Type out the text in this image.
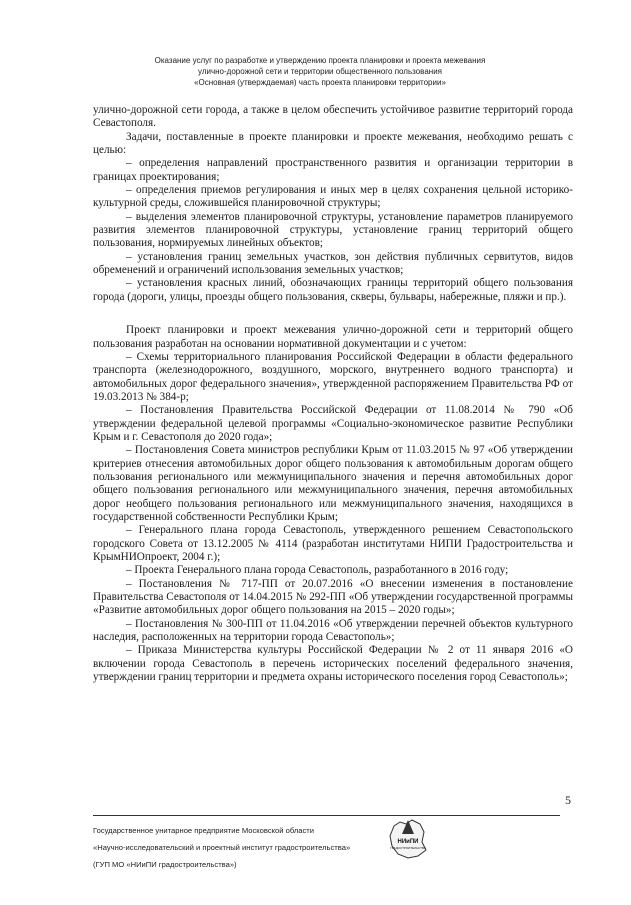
Оказание услуг по разработке и утверждению проекта планировки и проекта межевания
улично-дорожной сети и территории общественного пользования
«Основная (утверждаемая) часть проекта планировки территории»

улично-дорожной сети города, а также в целом обеспечить устойчивое развитие территорий города Севастополя.

Задачи, поставленные в проекте планировки и проекте межевания, необходимо решать с целью:

– определения направлений пространственного развития и организации территории в границах проектирования;

– определения приемов регулирования и иных мер в целях сохранения цельной историко-культурной среды, сложившейся планировочной структуры;

– выделения элементов планировочной структуры, установление параметров планируемого развития элементов планировочной структуры, установление границ территорий общего пользования, нормируемых линейных объектов;

– установления границ земельных участков, зон действия публичных сервитутов, видов обременений и ограничений использования земельных участков;

– установления красных линий, обозначающих границы территорий общего пользования города (дороги, улицы, проезды общего пользования, скверы, бульвары, набережные, пляжи и пр.).

Проект планировки и проект межевания улично-дорожной сети и территорий общего пользования разработан на основании нормативной документации и с учетом:

– Схемы территориального планирования Российской Федерации в области федерального транспорта (железнодорожного, воздушного, морского, внутреннего водного транспорта) и автомобильных дорог федерального значения», утвержденной распоряжением Правительства РФ от 19.03.2013 № 384-р;

– Постановления Правительства Российской Федерации от 11.08.2014 № 790 «Об утверждении федеральной целевой программы «Социально-экономическое развитие Республики Крым и г. Севастополя до 2020 года»;

– Постановления Совета министров республики Крым от 11.03.2015 № 97 «Об утверждении критериев отнесения автомобильных дорог общего пользования к автомобильным дорогам общего пользования регионального или межмуниципального значения и перечня автомобильных дорог общего пользования регионального или межмуниципального значения, перечня автомобильных дорог необщего пользования регионального или межмуниципального значения, находящихся в государственной собственности Республики Крым;

– Генерального плана города Севастополь, утвержденного решением Севастопольского городского Совета от 13.12.2005 № 4114 (разработан институтами НИПИ Градостроительства и КрымНИОпроект, 2004 г.);

– Проекта Генерального плана города Севастополь, разработанного в 2016 году;

– Постановления № 717-ПП от 20.07.2016 «О внесении изменения в постановление Правительства Севастополя от 14.04.2015 № 292-ПП «Об утверждении государственной программы «Развитие автомобильных дорог общего пользования на 2015 – 2020 годы»;

– Постановления № 300-ПП от 11.04.2016 «Об утверждении перечней объектов культурного наследия, расположенных на территории города Севастополь»;

– Приказа Министерства культуры Российской Федерации № 2 от 11 января 2016 «О включении города Севастополь в перечень исторических поселений федерального значения, утверждении границ территории и предмета охраны исторического поселения город Севастополь»;

5
Государственное унитарное предприятие Московской области
«Научно-исследовательский и проектный институт градостроительства»
(ГУП МО «НИиПИ градостроительства»)
НИиПИ
ГРАДОСТРОИТЕЛЬСТВА
